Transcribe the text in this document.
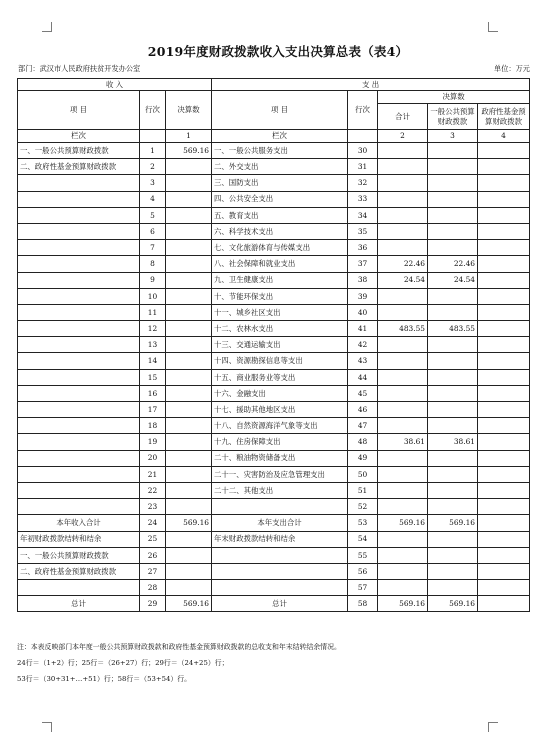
2019年度财政拨款收入支出决算总表（表4）
部门：武汉市人民政府扶贫开发办公室	单位：万元
收 入			支 出				
项 目	行次	决算数	项 目	行次	决算数		
					合计	一般公共预算财政拨款	政府性基金预算财政拨款
栏次		1	栏次		2	3	4
一、一般公共预算财政拨款	1	569.16	一、一般公共服务支出	30			
二、政府性基金预算财政拨款	2		二、外交支出	31			
	3		三、国防支出	32			
	4		四、公共安全支出	33			
	5		五、教育支出	34			
	6		六、科学技术支出	35			
	7		七、文化旅游体育与传媒支出	36			
	8		八、社会保障和就业支出	37	22.46	22.46	
	9		九、卫生健康支出	38	24.54	24.54	
	10		十、节能环保支出	39			
	11		十一、城乡社区支出	40			
	12		十二、农林水支出	41	483.55	483.55	
	13		十三、交通运输支出	42			
	14		十四、资源勘探信息等支出	43			
	15		十五、商业服务业等支出	44			
	16		十六、金融支出	45			
	17		十七、援助其他地区支出	46			
	18		十八、自然资源海洋气象等支出	47			
	19		十九、住房保障支出	48	38.61	38.61	
	20		二十、粮油物资储备支出	49			
	21		二十一、灾害防治及应急管理支出	50			
	22		二十二、其他支出	51			
	23			52			
本年收入合计	24	569.16	本年支出合计	53	569.16	569.16	
年初财政拨款结转和结余	25		年末财政拨款结转和结余	54			
一、一般公共预算财政拨款	26			55			
二、政府性基金预算财政拨款	27			56			
	28			57			
总计	29	569.16	总计	58	569.16	569.16	
注：本表反映部门本年度一般公共预算财政拨款和政府性基金预算财政拨款的总收支和年末结转结余情况。
24行＝（1+2）行；25行＝（26+27）行；29行＝（24+25）行；
53行＝（30+31+…+51）行；58行＝（53+54）行。
